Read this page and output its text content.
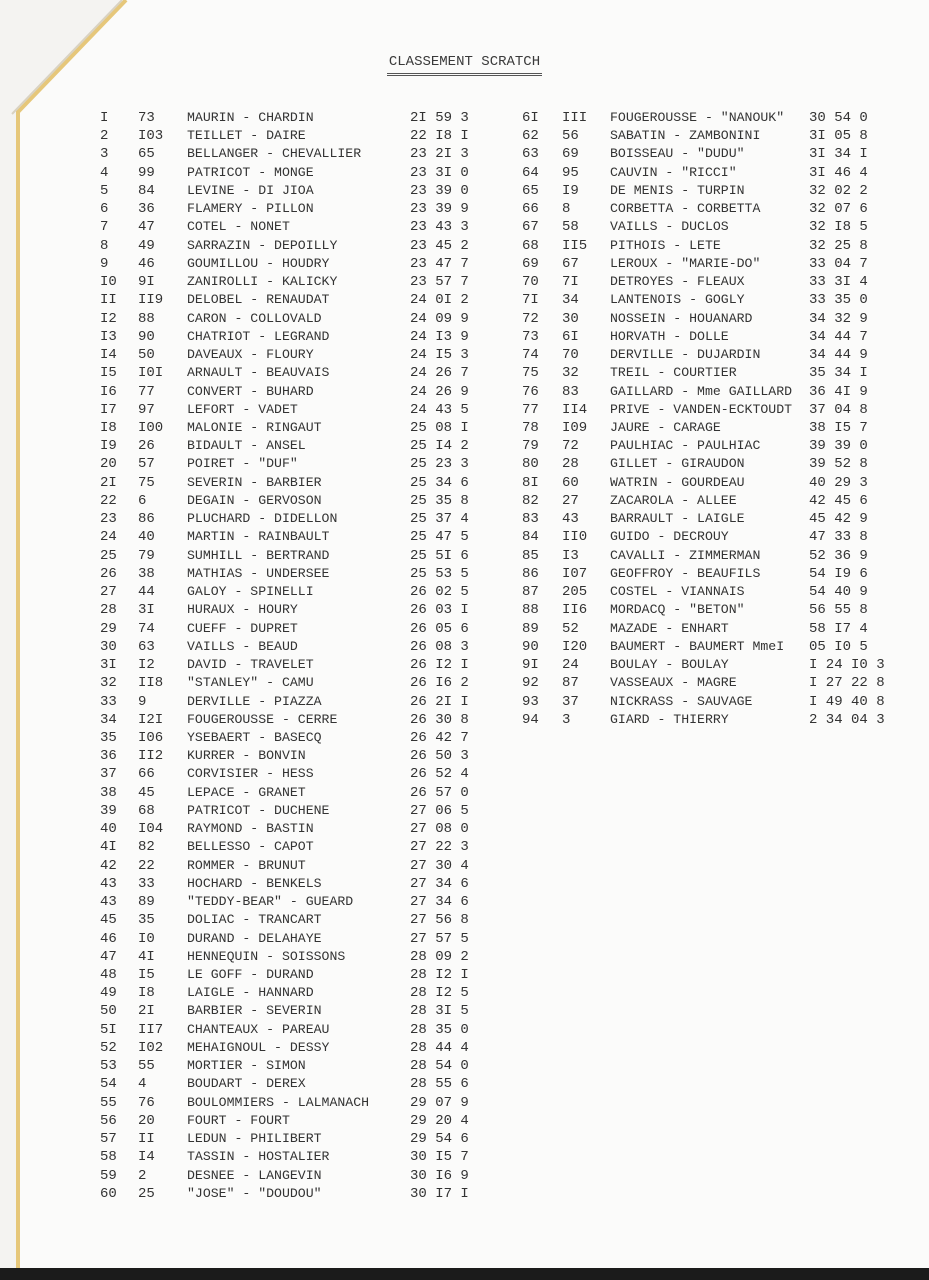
CLASSEMENT SCRATCH
I 73 MAURIN - CHARDIN	2I 59 3
2 I03 TEILLET - DAIRE	22 I8 I
3 65 BELLANGER - CHEVALLIER	23 2I 3
4 99 PATRICOT - MONGE	23 3I 0
5 84 LEVINE - DI JIOA	23 39 0
6 36 FLAMERY - PILLON	23 39 9
7 47 COTEL - NONET	23 43 3
8 49 SARRAZIN - DEPOILLY	23 45 2
9 46 GOUMILLOU - HOUDRY	23 47 7
I0 9I ZANIROLLI - KALICKY	23 57 7
II II9 DELOBEL - RENAUDAT	24 0I 2
I2 88 CARON - COLLOVALD	24 09 9
I3 90 CHATRIOT - LEGRAND	24 I3 9
I4 50 DAVEAUX - FLOURY	24 I5 3
I5 I0I ARNAULT - BEAUVAIS	24 26 7
I6 77 CONVERT - BUHARD	24 26 9
I7 97 LEFORT - VADET	24 43 5
I8 I00 MALONIE - RINGAUT	25 08 I
I9 26 BIDAULT - ANSEL	25 I4 2
20 57 POIRET - "DUF"	25 23 3
2I 75 SEVERIN - BARBIER	25 34 6
22 6	DEGAIN - GERVOSON	25 35 8
23 86 PLUCHARD - DIDELLON	25 37 4
24 40 MARTIN - RAINBAULT	25 47 5
25 79 SUMHILL - BERTRAND	25 5I 6
26 38 MATHIAS - UNDERSEE	25 53 5
27 44 GALOY - SPINELLI	26 02 5
28 3I HURAUX - HOURY	26 03 I
29 74 CUEFF - DUPRET	26 05 6
30 63 VAILLS - BEAUD	26 08 3
3I I2 DAVID - TRAVELET	26 I2 I
32 II8 "STANLEY" - CAMU	26 I6 2
33 9	DERVILLE - PIAZZA	26 2I I
34 I2I FOUGEROUSSE - CERRE	26 30 8
35 I06 YSEBAERT - BASECQ	26 42 7
36 II2 KURRER - BONVIN	26 50 3
37 66 CORVISIER - HESS	26 52 4
38 45 LEPACE - GRANET	26 57 0
39 68 PATRICOT - DUCHENE	27 06 5
40 I04 RAYMOND - BASTIN	27 08 0
4I 82 BELLESSO - CAPOT	27 22 3
42 22 ROMMER - BRUNUT	27 30 4
43 33 HOCHARD - BENKELS	27 34 6
43 89 "TEDDY-BEAR" - GUEARD	27 34 6
45 35 DOLIAC - TRANCART	27 56 8
46 I0 DURAND - DELAHAYE	27 57 5
47 4I HENNEQUIN - SOISSONS	28 09 2
48 I5 LE GOFF - DURAND	28 I2 I
49 I8 LAIGLE - HANNARD	28 I2 5
50 2I BARBIER - SEVERIN	28 3I 5
5I II7 CHANTEAUX - PAREAU	28 35 0
52 I02 MEHAIGNOUL - DESSY	28 44 4
53 55 MORTIER - SIMON	28 54 0
54 4	BOUDART - DEREX	28 55 6
55 76 BOULOMMIERS - LALMANACH	29 07 9
56 20 FOURT - FOURT	29 20 4
57 II LEDUN - PHILIBERT	29 54 6
58 I4 TASSIN - HOSTALIER	30 I5 7
59 2	DESNEE - LANGEVIN	30 I6 9
60 25 "JOSE" - "DOUDOU"	30 I7 I
6I III FOUGEROUSSE - "NANOUK" 30 54 0
62 56 SABATIN - ZAMBONINI	3I 05 8
63 69 BOISSEAU - "DUDU"	3I 34 I
64 95 CAUVIN - "RICCI"	3I 46 4
65 I9 DE MENIS - TURPIN	32 02 2
66 8	CORBETTA - CORBETTA	32 07 6
67 58 VAILLS - DUCLOS	32 I8 5
68 II5 PITHOIS - LETE	32 25 8
69 67 LEROUX - "MARIE-DO"	33 04 7
70 7I DETROYES - FLEAUX	33 3I 4
7I 34 LANTENOIS - GOGLY	33 35 0
72 30 NOSSEIN - HOUANARD	34 32 9
73 6I HORVATH - DOLLE	34 44 7
74 70 DERVILLE - DUJARDIN	34 44 9
75 32 TREIL - COURTIER	35 34 I
76 83 GAILLARD - Mme GAILLARD 36 4I 9
77 II4 PRIVE - VANDEN-ECKTOUDT 37 04 8
78 I09 JAURE - CARAGE	38 I5 7
79 72 PAULHIAC - PAULHIAC	39 39 0
80 28 GILLET - GIRAUDON	39 52 8
8I 60 WATRIN - GOURDEAU	40 29 3
82 27 ZACAROLA - ALLEE	42 45 6
83 43 BARRAULT - LAIGLE	45 42 9
84 II0 GUIDO - DECROUY	47 33 8
85 I3 CAVALLI - ZIMMERMAN	52 36 9
86 I07 GEOFFROY - BEAUFILS	54 I9 6
87 205 COSTEL - VIANNAIS	54 40 9
88 II6 MORDACQ - "BETON"	56 55 8
89 52 MAZADE - ENHART	58 I7 4
90 I20 BAUMERT - BAUMERT MmeI 05 I0 5
9I 24 BOULAY - BOULAY	I 24 I0 3
92 87 VASSEAUX - MAGRE	I 27 22 8
93 37 NICKRASS - SAUVAGE	I 49 40 8
94 3	GIARD - THIERRY	2 34 04 3
